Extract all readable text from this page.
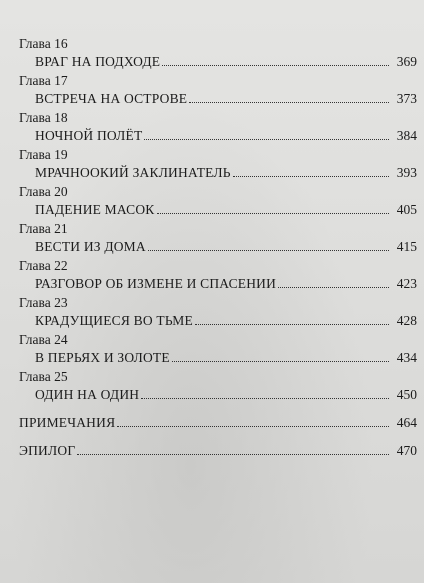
Глава 16
ВРАГ НА ПОДХОДЕ	369
Глава 17
ВСТРЕЧА НА ОСТРОВЕ	373
Глава 18
НОЧНОЙ ПОЛЁТ	384
Глава 19
МРАЧНООКИЙ ЗАКЛИНАТЕЛЬ	393
Глава 20
ПАДЕНИЕ МАСОК	405
Глава 21
ВЕСТИ ИЗ ДОМА	415
Глава 22
РАЗГОВОР ОБ ИЗМЕНЕ И СПАСЕНИИ	423
Глава 23
КРАДУЩИЕСЯ ВО ТЬМЕ	428
Глава 24
В ПЕРЬЯХ И ЗОЛОТЕ	434
Глава 25
ОДИН НА ОДИН	450
ПРИМЕЧАНИЯ	464
ЭПИЛОГ	470
